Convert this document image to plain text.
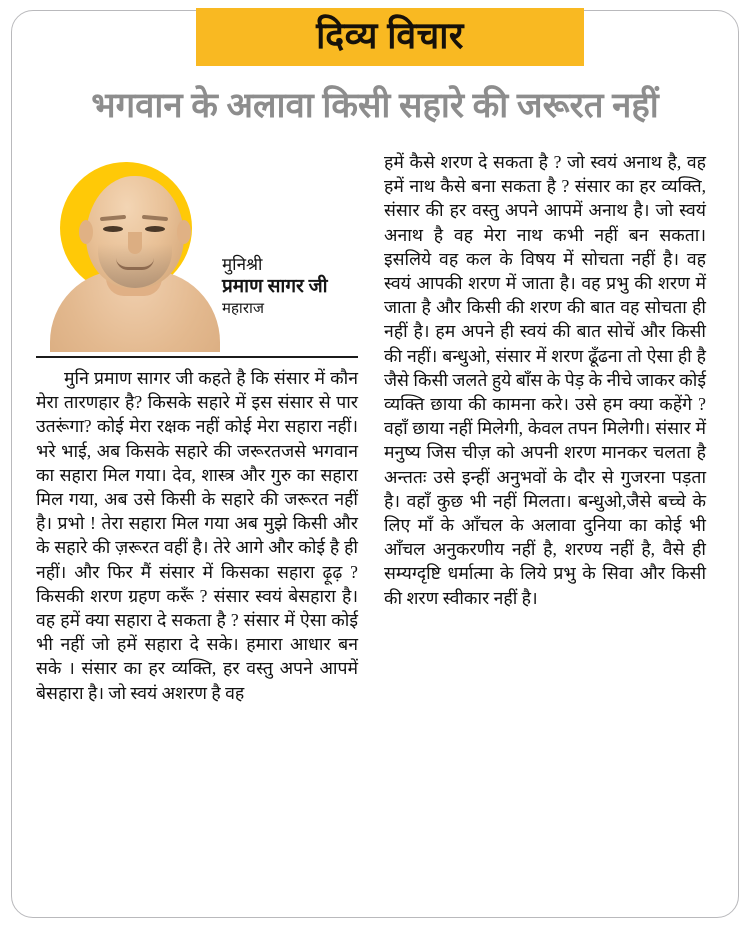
दिव्य विचार
भगवान के अलावा किसी सहारे की जरूरत नहीं
मुनिश्री
प्रमाण सागर जी
महाराज

मुनि प्रमाण सागर जी कहते है कि संसार में कौन मेरा तारणहार है? किसके सहारे में इस संसार से पार उतरूंगा? कोई मेरा रक्षक नहीं कोई मेरा सहारा नहीं। भरे भाई, अब किसके सहारे की जरूरतजसे भगवान का सहारा मिल गया। देव, शास्त्र और गुरु का सहारा मिल गया, अब उसे किसी के सहारे की जरूरत नहीं है। प्रभो ! तेरा सहारा मिल गया अब मुझे किसी और के सहारे की ज़रूरत वहीं है। तेरे आगे और कोई है ही नहीं। और फिर मैं संसार में किसका सहारा ढ़ूढ़ ? किसकी शरण ग्रहण करूँ ? संसार स्वयं बेसहारा है। वह हमें क्या सहारा दे सकता है ? संसार में ऐसा कोई भी नहीं जो हमें सहारा दे सके। हमारा आधार बन सके । संसार का हर व्यक्ति, हर वस्तु अपने आपमें बेसहारा है। जो स्वयं अशरण है वह

हमें कैसे शरण दे सकता है ? जो स्वयं अनाथ है, वह हमें नाथ कैसे बना सकता है ? संसार का हर व्यक्ति, संसार की हर वस्तु अपने आपमें अनाथ है। जो स्वयं अनाथ है वह मेरा नाथ कभी नहीं बन सकता। इसलिये वह कल के विषय में सोचता नहीं है। वह स्वयं आपकी शरण में जाता है। वह प्रभु की शरण में जाता है और किसी की शरण की बात वह सोचता ही नहीं है। हम अपने ही स्वयं की बात सोचें और किसी की नहीं। बन्धुओ, संसार में शरण ढूँढना तो ऐसा ही है जैसे किसी जलते हुये बाँस के पेड़ के नीचे जाकर कोई व्यक्ति छाया की कामना करे। उसे हम क्या कहेंगे ? वहाँ छाया नहीं मिलेगी, केवल तपन मिलेगी। संसार में मनुष्य जिस चीज़ को अपनी शरण मानकर चलता है अन्ततः उसे इन्हीं अनुभवों के दौर से गुजरना पड़ता है। वहाँ कुछ भी नहीं मिलता। बन्धुओ,जैसे बच्चे के लिए माँ के आँचल के अलावा दुनिया का कोई भी आँचल अनुकरणीय नहीं है, शरण्य नहीं है, वैसे ही सम्यग्दृष्टि धर्मात्मा के लिये प्रभु के सिवा और किसी की शरण स्वीकार नहीं है।
